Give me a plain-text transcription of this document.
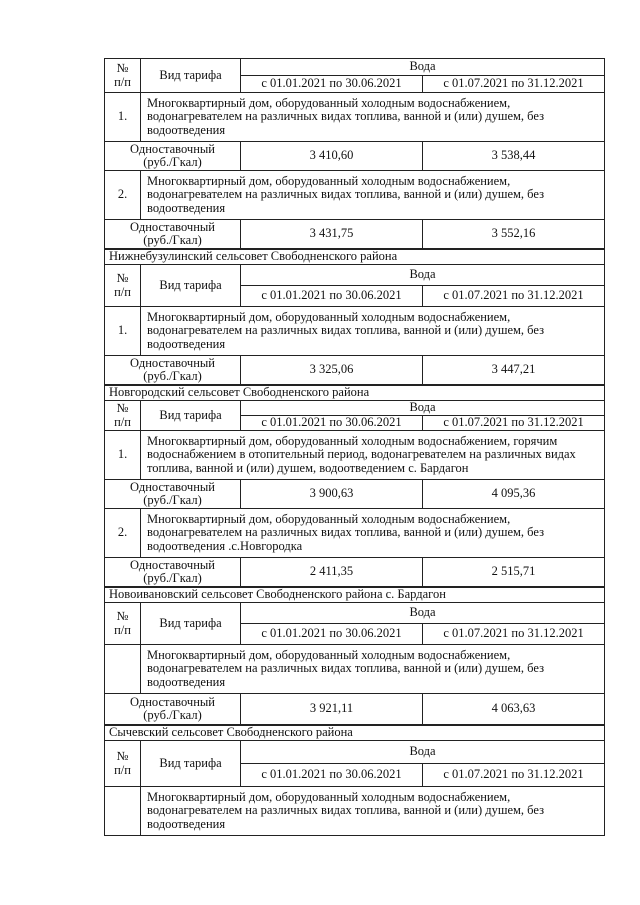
№
п/п	Вид тарифа	Вода	
		с 01.01.2021 по 30.06.2021	с 01.07.2021 по 31.12.2021
1.	Многоквартирный дом, оборудованный холодным водоснабжением, водонагревателем на различных видах топлива, ванной и (или) душем, без водоотведения		
Одноставочный
(руб./Гкал)		3 410,60	3 538,44
2.	Многоквартирный дом, оборудованный холодным водоснабжением, водонагревателем на различных видах топлива, ванной и (или) душем, без водоотведения		
Одноставочный
(руб./Гкал)		3 431,75	3 552,16
Нижнебузулинский сельсовет Свободненского района			
№
п/п	Вид тарифа	Вода	
		с 01.01.2021 по 30.06.2021	с 01.07.2021 по 31.12.2021
1.	Многоквартирный дом, оборудованный холодным водоснабжением, водонагревателем на различных видах топлива, ванной и (или) душем, без водоотведения		
Одноставочный
(руб./Гкал)		3 325,06	3 447,21
Новгородский сельсовет Свободненского района			
№
п/п	Вид тарифа	Вода	
		с 01.01.2021 по 30.06.2021	с 01.07.2021 по 31.12.2021
1.	Многоквартирный дом, оборудованный холодным водоснабжением, горячим водоснабжением в отопительный период, водонагревателем на различных видах топлива, ванной и (или) душем, водоотведением с. Бардагон		
Одноставочный
(руб./Гкал)		3 900,63	4 095,36
2.	Многоквартирный дом, оборудованный холодным водоснабжением, водонагревателем на различных видах топлива, ванной и (или) душем, без водоотведения .с.Новгородка		
Одноставочный
(руб./Гкал)		2 411,35	2 515,71
Новоивановский сельсовет Свободненского района с. Бардагон			
№
п/п	Вид тарифа	Вода	
		с 01.01.2021 по 30.06.2021	с 01.07.2021 по 31.12.2021
	Многоквартирный дом, оборудованный холодным водоснабжением, водонагревателем на различных видах топлива, ванной и (или) душем, без водоотведения		
Одноставочный
(руб./Гкал)		3 921,11	4 063,63
Сычевский сельсовет Свободненского района			
№
п/п	Вид тарифа	Вода	
		с 01.01.2021 по 30.06.2021	с 01.07.2021 по 31.12.2021
	Многоквартирный дом, оборудованный холодным водоснабжением, водонагревателем на различных видах топлива, ванной и (или) душем, без водоотведения		
